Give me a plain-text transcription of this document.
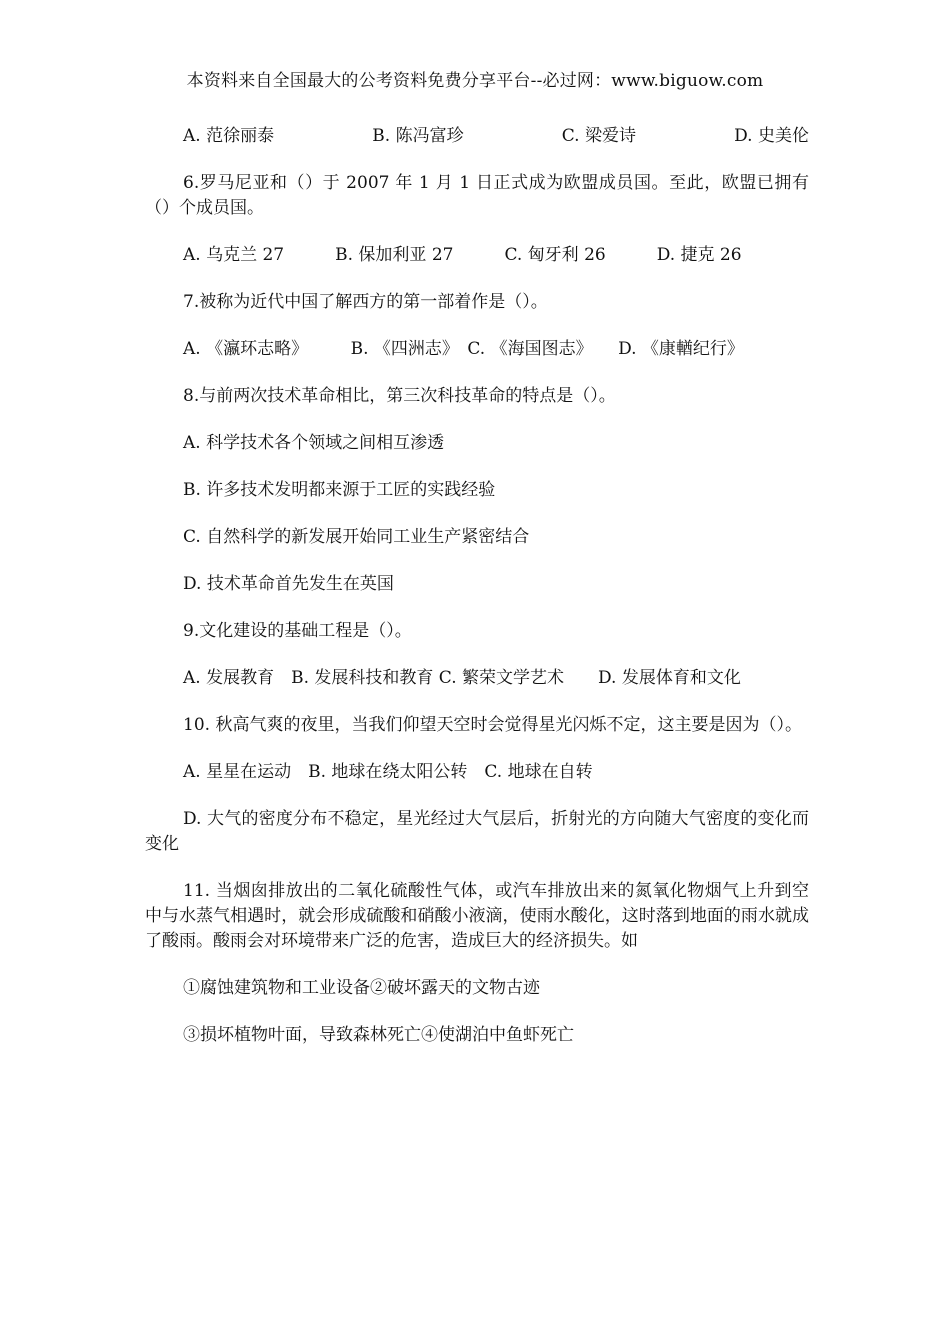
本资料来自全国最大的公考资料免费分享平台--必过网：www.biguow.com
A. 范徐丽泰	B. 陈冯富珍	C. 梁爱诗	D. 史美伦

6.罗马尼亚和（）于 2007 年 1 月 1 日正式成为欧盟成员国。至此，欧盟已拥有（）个成员国。

A. 乌克兰 27　　　B. 保加利亚 27　　　C. 匈牙利 26　　　D. 捷克 26

7.被称为近代中国了解西方的第一部着作是（）。

A. 《瀛环志略》　　　B. 《四洲志》　C. 《海国图志》　　D. 《康輶纪行》

8.与前两次技术革命相比，第三次科技革命的特点是（）。

A. 科学技术各个领域之间相互渗透

B. 许多技术发明都来源于工匠的实践经验

C. 自然科学的新发展开始同工业生产紧密结合

D. 技术革命首先发生在英国

9.文化建设的基础工程是（）。

A. 发展教育　B. 发展科技和教育 C. 繁荣文学艺术　　D. 发展体育和文化

10. 秋高气爽的夜里，当我们仰望天空时会觉得星光闪烁不定，这主要是因为（）。

A. 星星在运动　B. 地球在绕太阳公转　C. 地球在自转

D. 大气的密度分布不稳定，星光经过大气层后，折射光的方向随大气密度的变化而变化

11. 当烟囱排放出的二氧化硫酸性气体，或汽车排放出来的氮氧化物烟气上升到空中与水蒸气相遇时，就会形成硫酸和硝酸小液滴，使雨水酸化，这时落到地面的雨水就成了酸雨。酸雨会对环境带来广泛的危害，造成巨大的经济损失。如

①腐蚀建筑物和工业设备②破坏露天的文物古迹

③损坏植物叶面，导致森林死亡④使湖泊中鱼虾死亡
